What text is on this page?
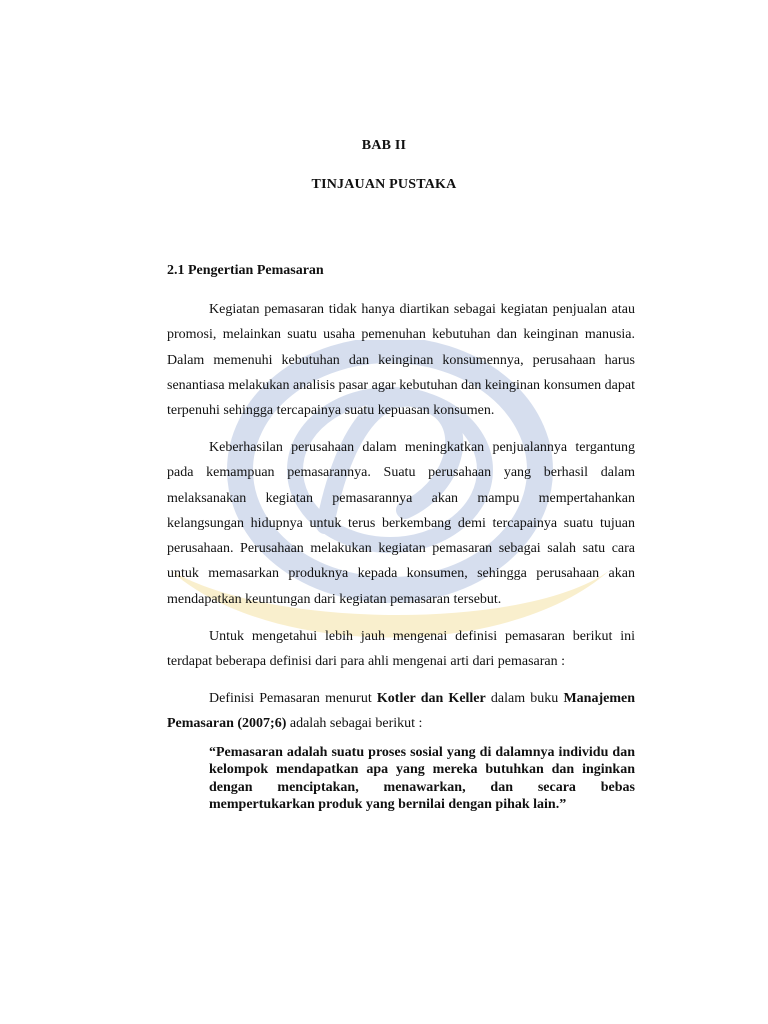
BAB II
TINJAUAN PUSTAKA
2.1 Pengertian Pemasaran

Kegiatan pemasaran tidak hanya diartikan sebagai kegiatan penjualan atau promosi, melainkan suatu usaha pemenuhan kebutuhan dan keinginan manusia. Dalam memenuhi kebutuhan dan keinginan konsumennya, perusahaan harus senantiasa melakukan analisis pasar agar kebutuhan dan keinginan konsumen dapat terpenuhi sehingga tercapainya suatu kepuasan konsumen.

Keberhasilan perusahaan dalam meningkatkan penjualannya tergantung pada kemampuan pemasarannya. Suatu perusahaan yang berhasil dalam melaksanakan kegiatan pemasarannya akan mampu mempertahankan kelangsungan hidupnya untuk terus berkembang demi tercapainya suatu tujuan perusahaan. Perusahaan melakukan kegiatan pemasaran sebagai salah satu cara untuk memasarkan produknya kepada konsumen, sehingga perusahaan akan mendapatkan keuntungan dari kegiatan pemasaran tersebut.

Untuk mengetahui lebih jauh mengenai definisi pemasaran berikut ini terdapat beberapa definisi dari para ahli mengenai arti dari pemasaran :

Definisi Pemasaran menurut Kotler dan Keller dalam buku Manajemen Pemasaran (2007;6) adalah sebagai berikut :

“Pemasaran adalah suatu proses sosial yang di dalamnya individu dan kelompok mendapatkan apa yang mereka butuhkan dan inginkan dengan menciptakan, menawarkan, dan secara bebas mempertukarkan produk yang bernilai dengan pihak lain.”
